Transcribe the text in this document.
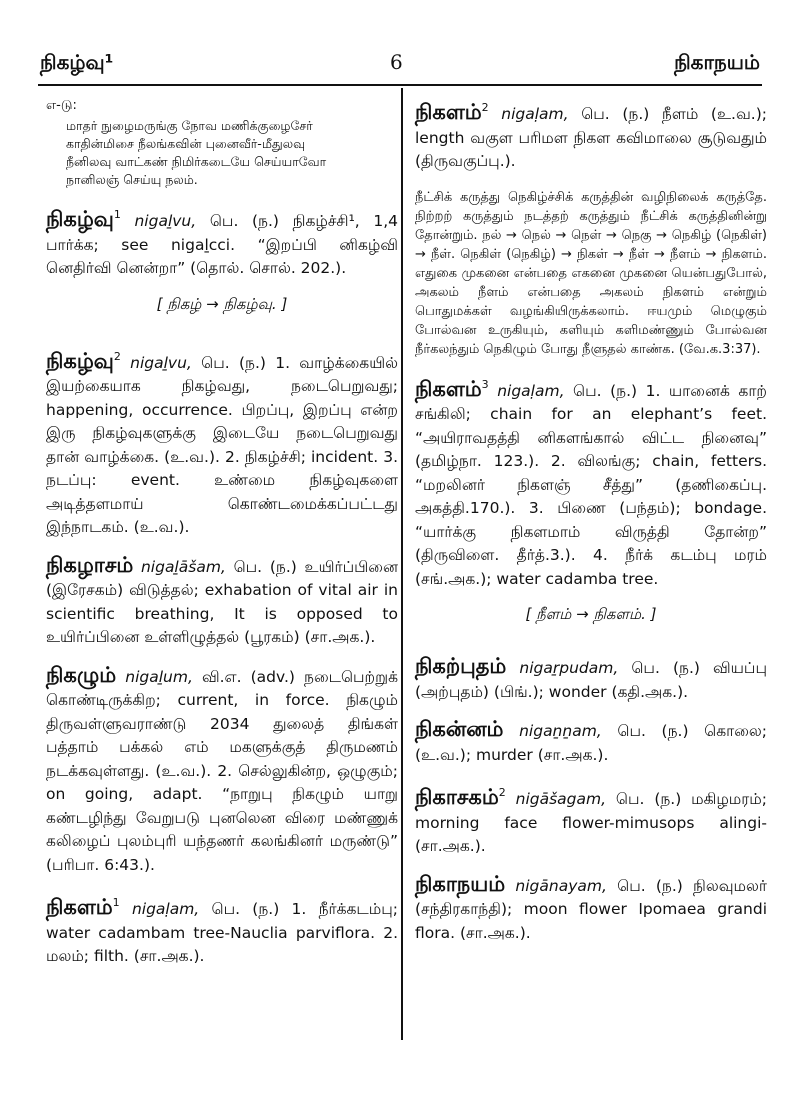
நிகழ்வு¹	6	நிகாநயம்
எ-டு:
மாதர் நுழைமருங்கு நோவ மணிக்குழைசேர்
காதின்மிசை நீலங்கவின் புனைவீர்-மீதுலவு
நீனிலவு வாட்கண் நிமிர்கடையே செய்யாவோ
நானிலஞ் செய்யு நலம்.
நிகழ்வு$^1$ nigaḻvu, பெ. (ந.) நிகழ்ச்சி¹, 1,4 பார்க்க; see nigaḻcci. “இறப்பி னிகழ்வி னெதிர்வி னென்றா” (தொல். சொல். 202.).
[ நிகழ் → நிகழ்வு. ]
நிகழ்வு$^2$ nigaḻvu, பெ. (ந.) 1. வாழ்க்கையில் இயற்கையாக நிகழ்வது, நடைபெறுவது; happening, occurrence. பிறப்பு, இறப்பு என்ற இரு நிகழ்வுகளுக்கு இடையே நடைபெறுவது தான் வாழ்க்கை. (உ.வ.). 2. நிகழ்ச்சி; incident. 3. நடப்பு: event. உண்மை நிகழ்வுகளை அடித்தளமாய் கொண்டமைக்கப்பட்டது இந்நாடகம். (உ.வ.).
நிகழாசம் nigaḻāšam, பெ. (ந.) உயிர்ப்பினை (இரேசகம்) விடுத்தல்; exhabation of vital air in scientific breathing, It is opposed to உயிர்ப்பினை உள்ளிழுத்தல் (பூரகம்) (சா.அக.).
நிகழும் nigaḻum, வி.எ. (adv.) நடைபெற்றுக் கொண்டிருக்கிற; current, in force. நிகழும் திருவள்ளுவராண்டு 2034 துலைத் திங்கள் பத்தாம் பக்கல் எம் மகளுக்குத் திருமணம் நடக்கவுள்ளது. (உ.வ.). 2. செல்லுகின்ற, ஒழுகும்; on going, adapt. “நாறுபு நிகழும் யாறு கண்டழிந்து வேறுபடு புனலென விரை மண்ணுக் கலிழைப் புலம்புரி யந்தணர் கலங்கினர் மருண்டு” (பரிபா. 6:43.).
நிகளம்$^1$ nigaḷam, பெ. (ந.) 1. நீர்க்கடம்பு; water cadambam tree-Nauclia parviflora. 2. மலம்; filth. (சா.அக.).
நிகளம்$^2$ nigaḷam, பெ. (ந.) நீளம் (உ.வ.); length வகுள பரிமள நிகள கவிமாலை சூடுவதும் (திருவகுப்பு.).
நீட்சிக் கருத்து நெகிழ்ச்சிக் கருத்தின் வழிநிலைக் கருத்தே. நிற்றற் கருத்தும் நடத்தற் கருத்தும் நீட்சிக் கருத்தினின்று தோன்றும். நல் → நெல் → நெள் → நெகு → நெகிழ் (நெகிள்) → நீள். நெகிள் (நெகிழ்) → நிகள் → நீள் → நீளம் → நிகளம். எதுகை முகனை என்பதை எகனை முகனை யென்பதுபோல், அகலம் நீளம் என்பதை அகலம் நிகளம் என்றும் பொதுமக்கள் வழங்கியிருக்கலாம். ஈயமும் மெழுகும் போல்வன உருகியும், களியும் களிமண்ணும் போல்வன நீர்கலந்தும் நெகிழும் போது நீளுதல் காண்க. (வே.க.3:37).
நிகளம்$^3$ nigaḷam, பெ. (ந.) 1. யானைக் காற் சங்கிலி; chain for an elephant’s feet. “அயிராவதத்தி னிகளங்கால் விட்ட நினைவு” (தமிழ்நா. 123.). 2. விலங்கு; chain, fetters. “மறலினர் நிகளஞ் சீத்து” (தணிகைப்பு. அகத்தி.170.). 3. பிணை (பந்தம்); bondage. “யார்க்கு நிகளமாம் விருத்தி தோன்ற” (திருவிளை. தீர்த்.3.). 4. நீர்க் கடம்பு மரம் (சங்.அக.); water cadamba tree.
[ நீளம் → நிகளம். ]
நிகற்புதம் nigaṟpudam, பெ. (ந.) வியப்பு (அற்புதம்) (பிங்.); wonder (கதி.அக.).
நிகன்னம் nigaṉṉam, பெ. (ந.) கொலை; (உ.வ.); murder (சா.அக.).
நிகாசகம்$^2$ nigāšagam, பெ. (ந.) மகிழமரம்; morning face flower-mimusops alingi- (சா.அக.).
நிகாநயம் nigānayam, பெ. (ந.) நிலவுமலர் (சந்திரகாந்தி); moon flower Ipomaea grandi flora. (சா.அக.).
